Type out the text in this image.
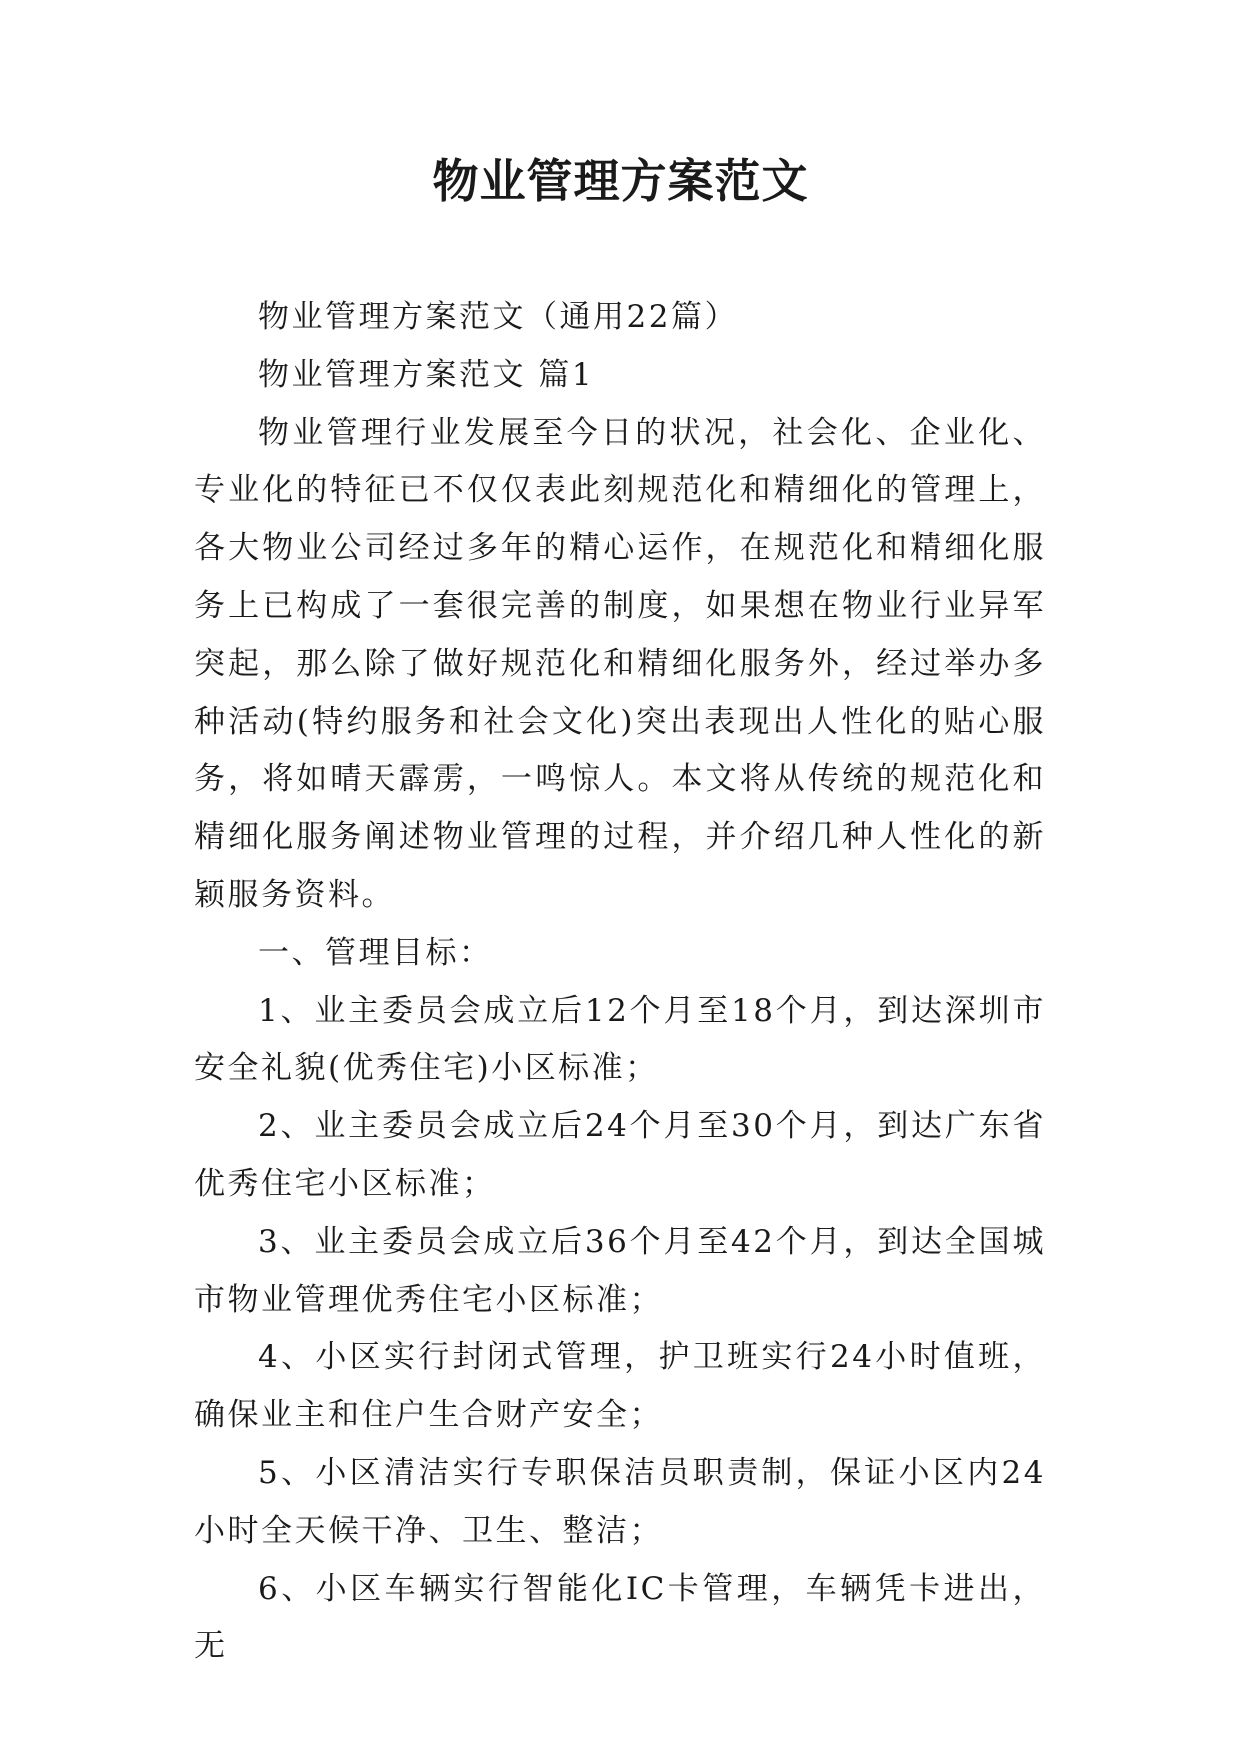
物业管理方案范文

物业管理方案范文（通用22篇）

物业管理方案范文 篇1

物业管理行业发展至今日的状况，社会化、企业化、专业化的特征已不仅仅表此刻规范化和精细化的管理上，各大物业公司经过多年的精心运作，在规范化和精细化服务上已构成了一套很完善的制度，如果想在物业行业异军突起，那么除了做好规范化和精细化服务外，经过举办多种活动(特约服务和社会文化)突出表现出人性化的贴心服务，将如晴天霹雳，一鸣惊人。本文将从传统的规范化和精细化服务阐述物业管理的过程，并介绍几种人性化的新颖服务资料。

一、管理目标：

1、业主委员会成立后12个月至18个月，到达深圳市安全礼貌(优秀住宅)小区标准；

2、业主委员会成立后24个月至30个月，到达广东省优秀住宅小区标准；

3、业主委员会成立后36个月至42个月，到达全国城市物业管理优秀住宅小区标准；

4、小区实行封闭式管理，护卫班实行24小时值班，确保业主和住户生合财产安全；

5、小区清洁实行专职保洁员职责制，保证小区内24小时全天候干净、卫生、整洁；

6、小区车辆实行智能化IC卡管理，车辆凭卡进出，无
